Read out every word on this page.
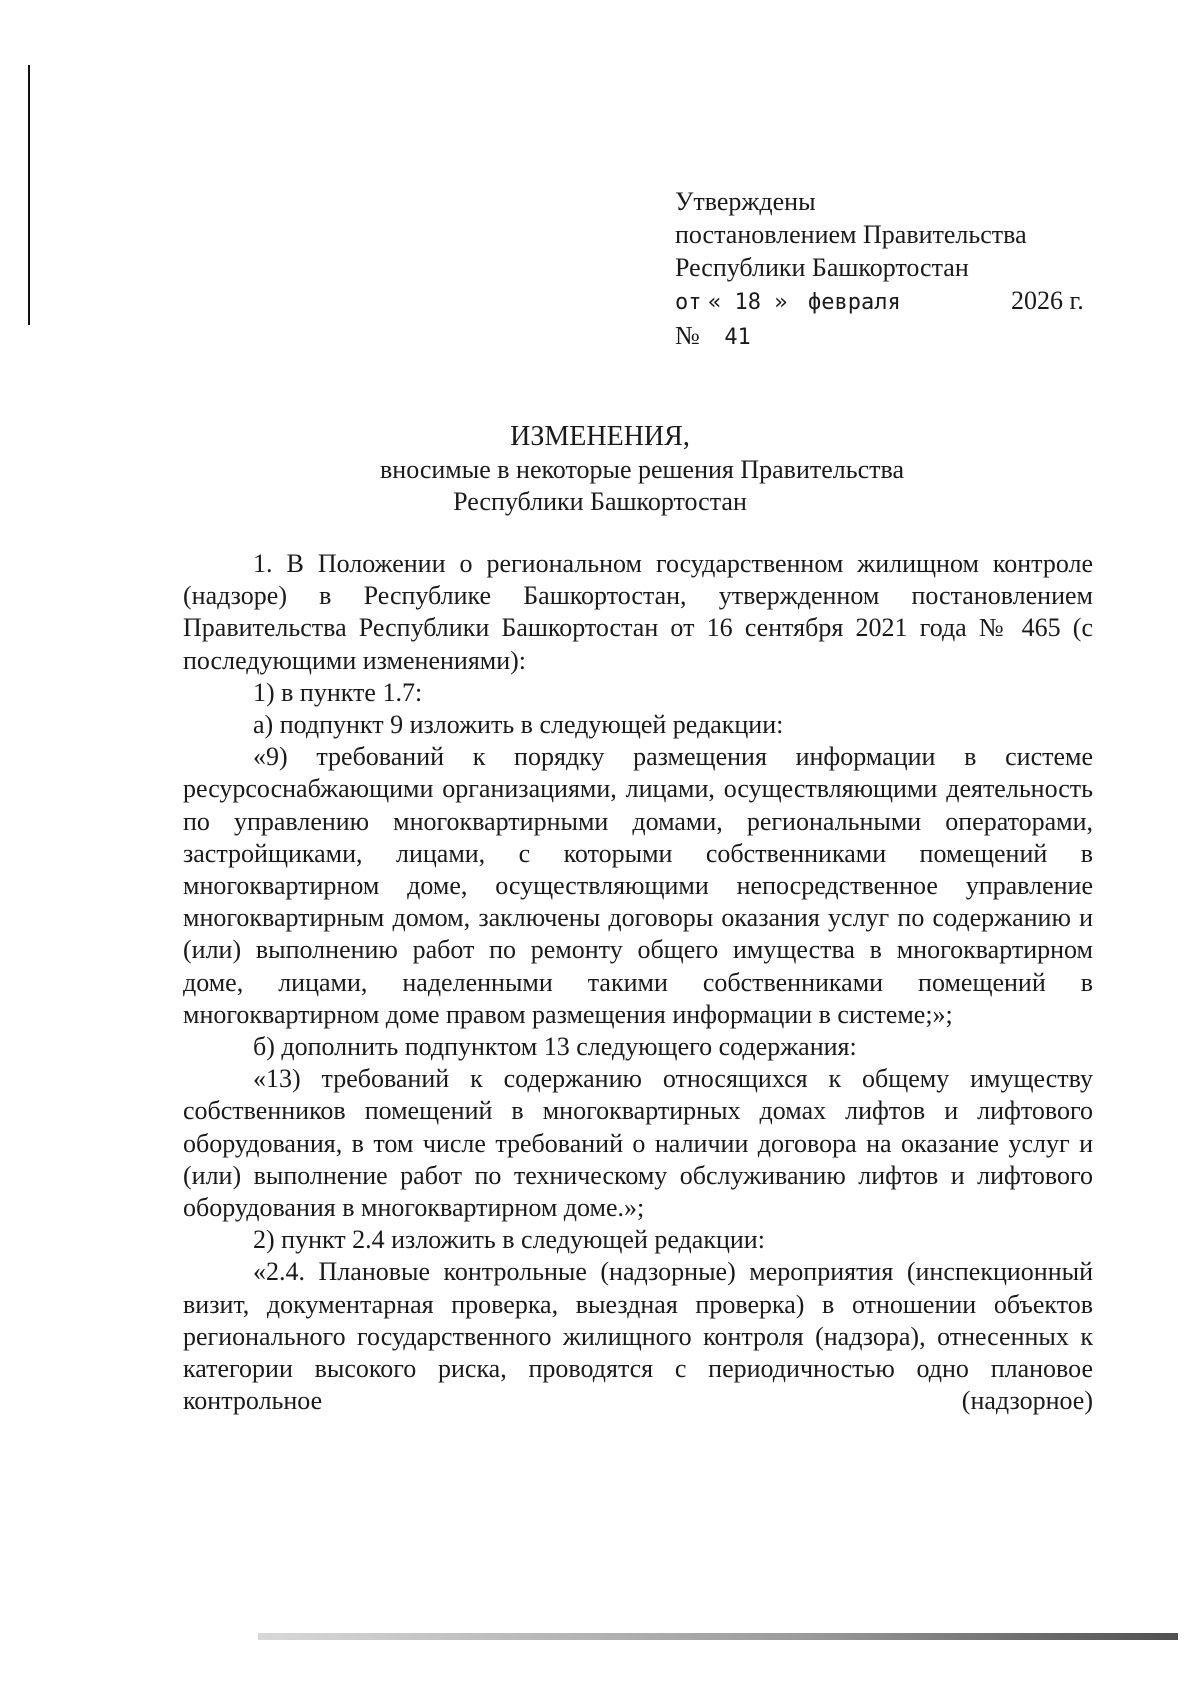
Утверждены
постановлением Правительства
Республики Башкортостан
от « 18 » февраля	2026 г.
№ 41
ИЗМЕНЕНИЯ,
вносимые в некоторые решения Правительства
Республики Башкортостан

1. В Положении о региональном государственном жилищном контроле (надзоре) в Республике Башкортостан, утвержденном постановлением Правительства Республики Башкортостан от 16 сентября 2021 года № 465 (с последующими изменениями):

1) в пункте 1.7:

а) подпункт 9 изложить в следующей редакции:

«9) требований к порядку размещения информации в системе ресурсоснабжающими организациями, лицами, осуществляющими деятельность по управлению многоквартирными домами, региональными операторами, застройщиками, лицами, с которыми собственниками помещений в многоквартирном доме, осуществляющими непосредственное управление многоквартирным домом, заключены договоры оказания услуг по содержанию и (или) выполнению работ по ремонту общего имущества в многоквартирном доме, лицами, наделенными такими собственниками помещений в многоквартирном доме правом размещения информации в системе;»;

б) дополнить подпунктом 13 следующего содержания:

«13) требований к содержанию относящихся к общему имуществу собственников помещений в многоквартирных домах лифтов и лифтового оборудования, в том числе требований о наличии договора на оказание услуг и (или) выполнение работ по техническому обслуживанию лифтов и лифтового оборудования в многоквартирном доме.»;

2) пункт 2.4 изложить в следующей редакции:

«2.4. Плановые контрольные (надзорные) мероприятия (инспекционный визит, документарная проверка, выездная проверка) в отношении объектов регионального государственного жилищного контроля (надзора), отнесенных к категории высокого риска, проводятся с периодичностью одно плановое контрольное (надзорное)
